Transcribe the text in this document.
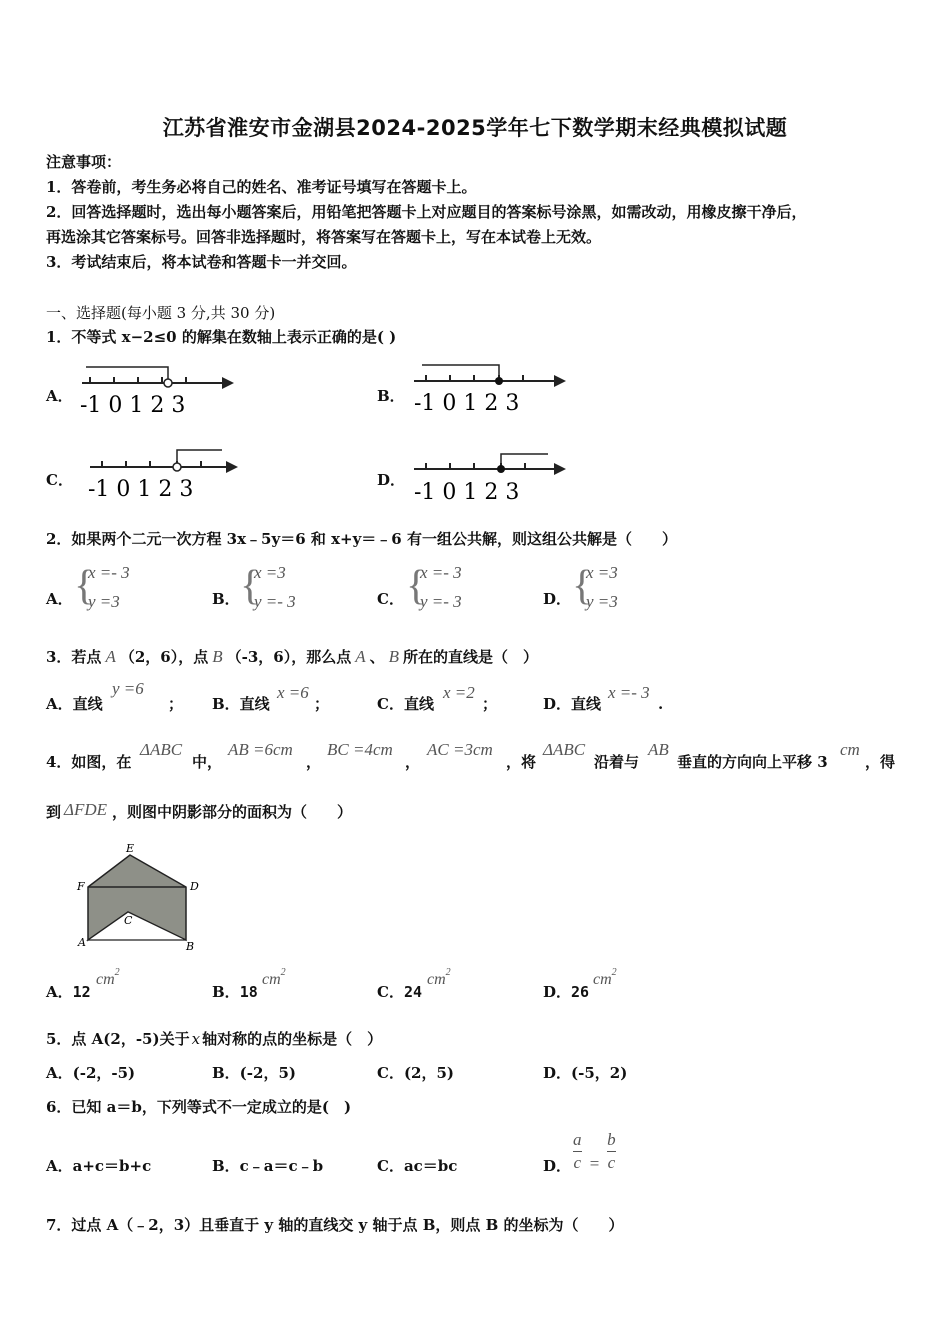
江苏省淮安市金湖县2024-2025学年七下数学期末经典模拟试题
注意事项：
1．答卷前，考生务必将自己的姓名、准考证号填写在答题卡上。
2．回答选择题时，选出每小题答案后，用铅笔把答题卡上对应题目的答案标号涂黑，如需改动，用橡皮擦干净后，
再选涂其它答案标号。回答非选择题时，将答案写在答题卡上，写在本试卷上无效。
3．考试结束后，将本试卷和答题卡一并交回。
一、选择题(每小题 3 分,共 30 分)
1．不等式 x−2≤0 的解集在数轴上表示正确的是( )
A． -1 0 1 2 3	B． -1 0 1 2 3
C． -1 0 1 2 3	D． -1 0 1 2 3
2．如果两个二元一次方程 3x﹣5y＝6 和 x+y＝﹣6 有一组公共解，则这组公共解是（　　）
A． {
x =- 3
y =3	B． {
x =3
y =- 3	C． {
x =- 3
y =- 3	D． {
x =3
y =3
3．若点 A （2，6），点 B （-3，6），那么点 A 、 B 所在的直线是（　）
A．直线
y =6
； B．直线
x =6
；	C．直线
x =2
；	D．直线
x =- 3
.
4．如图，在
ΔABC
中，
AB =6cm
，
BC =4cm
，
AC =3cm
，将
ΔABC
沿着与
AB
垂直的方向向上平移 3
cm
，得
到 ΔFDE ，则图中阴影部分的面积为（　　）
E
F	D
C
A	B
A．12
$cm^2$
B．18
$cm^2$
C．24
$cm^2$
D．26
$cm^2$
5．点 A(2，-5)关于 x 轴对称的点的坐标是（　）
A．(-2，-5)	B．(-2，5)	C．(2，5)	D．(-5，2)
6．已知 a＝b，下列等式不一定成立的是(　)
A．a+c＝b+c	B．c﹣a＝c﹣b	C．ac＝bc	D． $\frac{a}{c} = \frac{b}{c}$
7．过点 A（﹣2，3）且垂直于 y 轴的直线交 y 轴于点 B，则点 B 的坐标为（　　）
